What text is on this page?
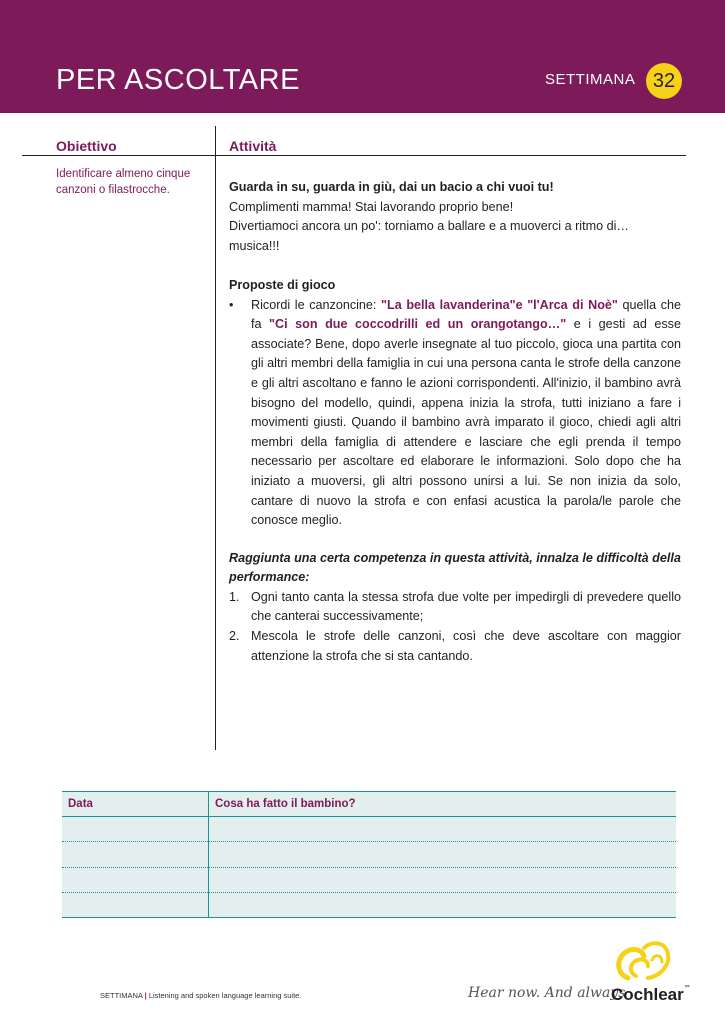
PER ASCOLTARE	SETTIMANA 32
Obiettivo	Attività
Identificare almeno cinque canzoni o filastrocche.	Guarda in su, guarda in giù, dai un bacio a chi vuoi tu!

Complimenti mamma! Stai lavorando proprio bene!

Divertiamoci ancora un po': torniamo a ballare e a muoverci a ritmo di… musica!!!

Proposte di gioco

•	Ricordi le canzoncine: "La bella lavanderina"e "l'Arca di Noè" quella che fa "Ci son due coccodrilli ed un orangotango…" e i gesti ad esse associate? Bene, dopo averle insegnate al tuo piccolo, gioca una partita con gli altri membri della famiglia in cui una persona canta le strofe della canzone e gli altri ascoltano e fanno le azioni corrispondenti. All'inizio, il bambino avrà bisogno del modello, quindi, appena inizia la strofa, tutti iniziano a fare i movimenti giusti. Quando il bambino avrà imparato il gioco, chiedi agli altri membri della famiglia di attendere e lasciare che egli prenda il tempo necessario per ascoltare ed elaborare le informazioni. Solo dopo che ha iniziato a muoversi, gli altri possono unirsi a lui. Se non inizia da solo, cantare di nuovo la strofa e con enfasi acustica la parola/le parole che conosce meglio.

Raggiunta una certa competenza in questa attività, innalza le difficoltà della performance:

1. Ogni tanto canta la stessa strofa due volte per impedirgli di prevedere quello che canterai successivamente;

2. Mescola le strofe delle canzoni, così che deve ascoltare con maggior attenzione la strofa che si sta cantando.

Data	Cosa ha fatto il bambino?

SETTIMANA | Listening and spoken language learning suite.	Hear now. And always
Cochlear™
